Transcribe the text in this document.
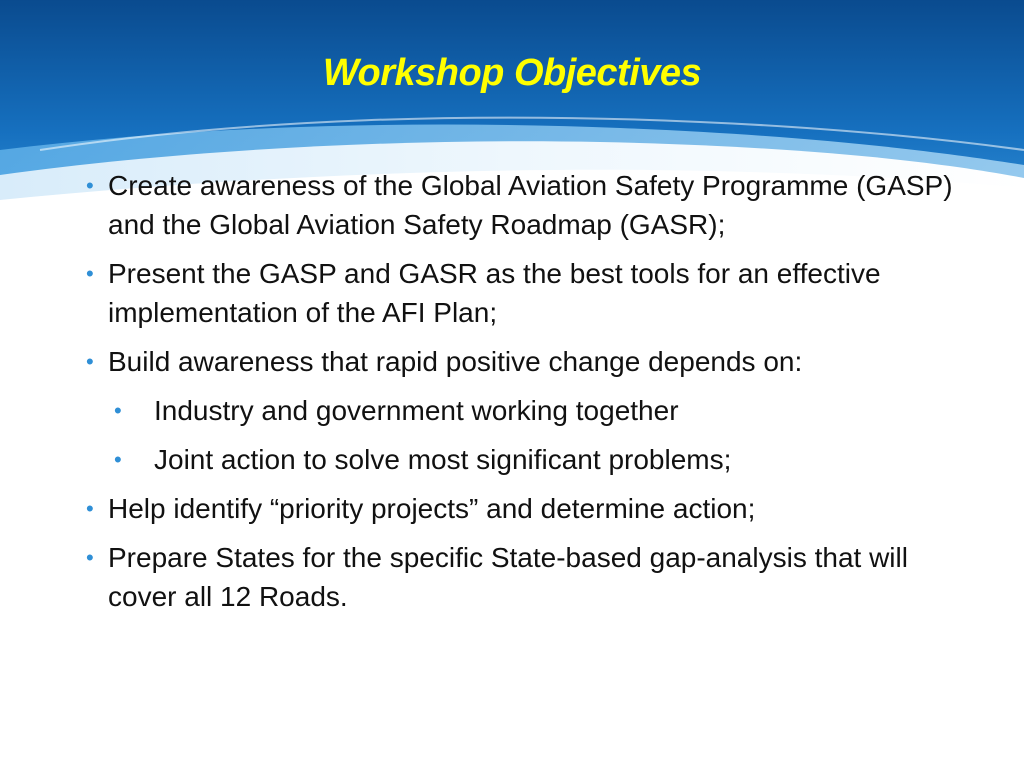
Workshop Objectives
• Create awareness of the Global Aviation Safety Programme (GASP) and the Global Aviation Safety Roadmap (GASR);
• Present the GASP and GASR as the best tools for an effective implementation of the AFI Plan;
• Build awareness that rapid positive change depends on:
• Industry and government working together
• Joint action to solve most significant problems;
• Help identify “priority projects” and determine action;
• Prepare States for the specific State-based gap-analysis that will cover all 12 Roads.
